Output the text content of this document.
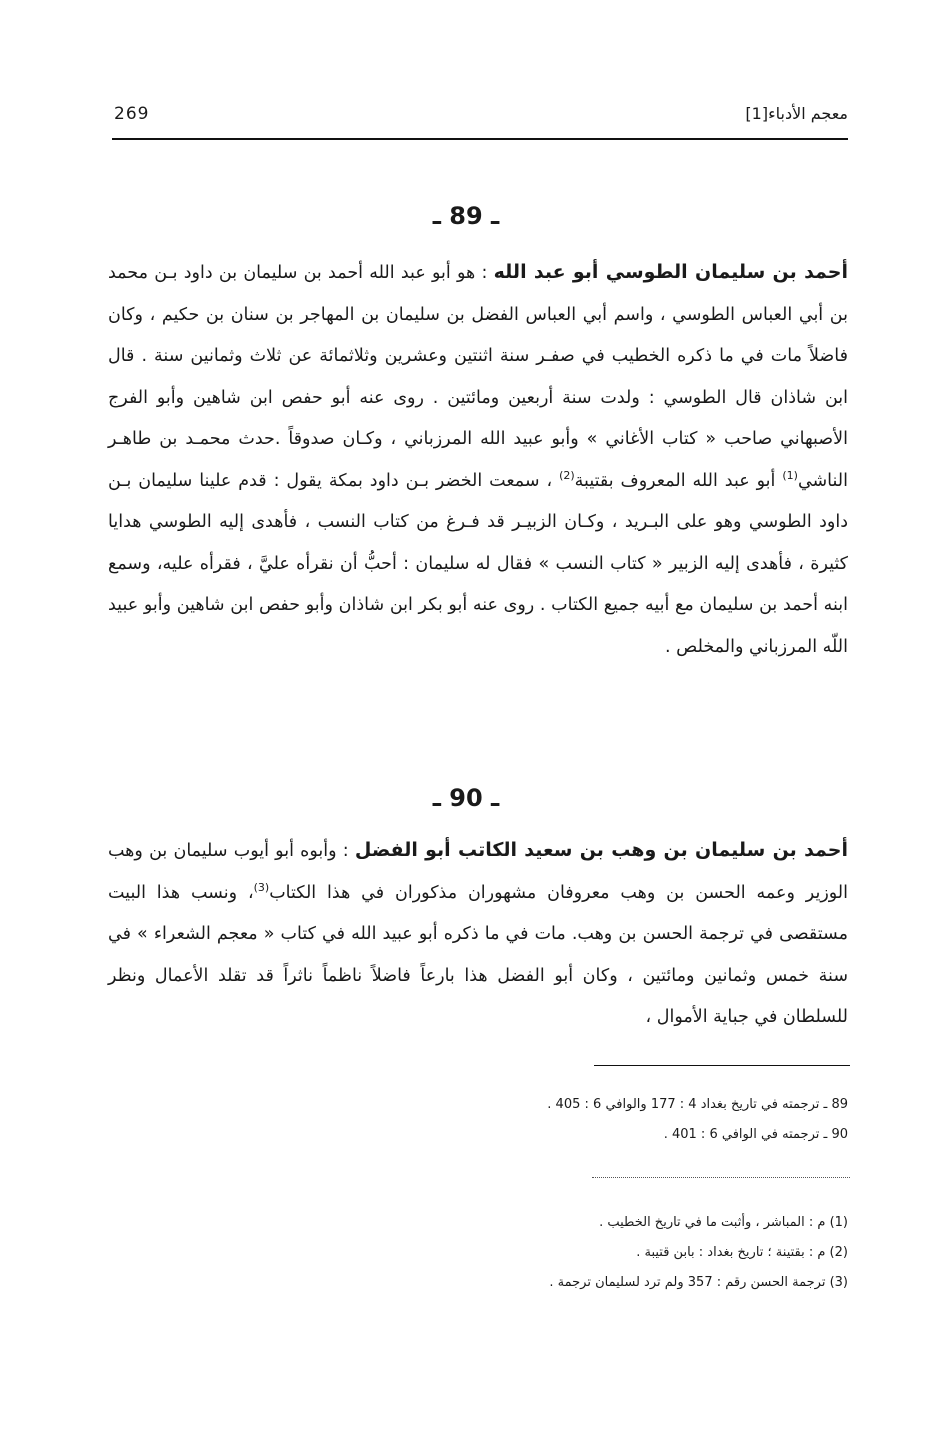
269	معجم الأدباء[1]
ـ 89 ـ
أحمد بن سليمان الطوسي أبو عبد الله : هو أبو عبد الله أحمد بن سليمان بن داود بـن محمد بن أبي العباس الطوسي ، واسم أبي العباس الفضل بن سليمان بن المهاجر بن سنان بن حكيم ، وكان فاضلاً مات في ما ذكره الخطيب في صفـر سنة اثنتين وعشرين وثلاثمائة عن ثلاث وثمانين سنة . قال ابن شاذان قال الطوسي : ولدت سنة أربعين ومائتين . روى عنه أبو حفص ابن شاهين وأبو الفرج الأصبهاني صاحب « كتاب الأغاني » وأبو عبيد الله المرزباني ، وكـان صدوقاً .حدث محمـد بن طاهـر الناشي$^{(1)}$ أبو عبد الله المعروف بقتيبة$^{(2)}$ ، سمعت الخضر بـن داود بمكة يقول : قدم علينا سليمان بـن داود الطوسي وهو على البـريد ، وكـان الزبيـر قد فـرغ من كتاب النسب ، فأهدى إليه الطوسي هدايا كثيرة ، فأهدى إليه الزبير « كتاب النسب » فقال له سليمان : أحبُّ أن نقرأه عليَّ ، فقرأه عليه، وسمع ابنه أحمد بن سليمان مع أبيه جميع الكتاب . روى عنه أبو بكر ابن شاذان وأبو حفص ابن شاهين وأبو عبيد اللّه المرزباني والمخلص .
ـ 90 ـ
أحمد بن سليمان بن وهب بن سعيد الكاتب أبو الفضل : وأبوه أبو أيوب سليمان بن وهب الوزير وعمه الحسن بن وهب معروفان مشهوران مذكوران في هذا الكتاب$^{(3)}$، ونسب هذا البيت مستقصى في ترجمة الحسن بن وهب. مات في ما ذكره أبو عبيد الله في كتاب « معجم الشعراء » في سنة خمس وثمانين ومائتين ، وكان أبو الفضل هذا بارعاً فاضلاً ناظماً ناثراً قد تقلد الأعمال ونظر للسلطان في جباية الأموال ،
89 ـ ترجمته في تاريخ بغداد 4 : 177 والوافي 6 : 405 .
90 ـ ترجمته في الوافي 6 : 401 .
(1) م : المباشر ، وأثبت ما في تاريخ الخطيب .
(2) م : بقتينة ؛ تاريخ بغداد : بابن قتيبة .
(3) ترجمة الحسن رقم : 357 ولم ترد لسليمان ترجمة .
